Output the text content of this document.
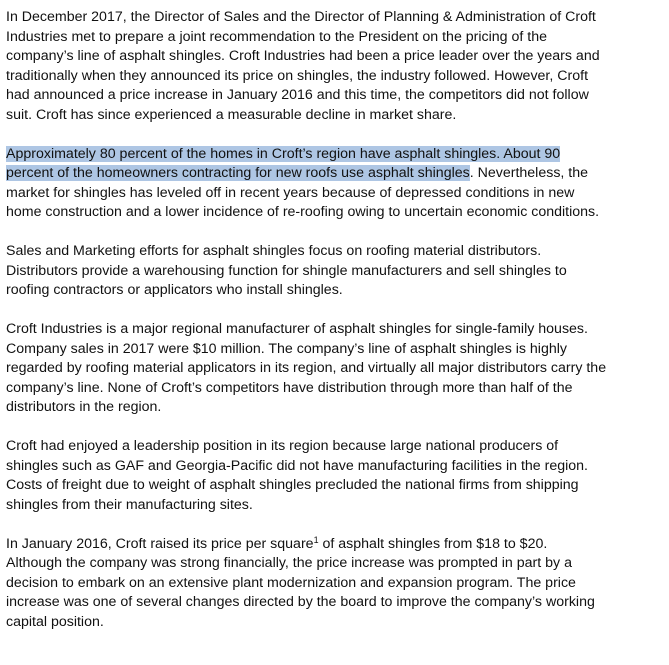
In December 2017, the Director of Sales and the Director of Planning & Administration of Croft
Industries met to prepare a joint recommendation to the President on the pricing of the
company’s line of asphalt shingles. Croft Industries had been a price leader over the years and
traditionally when they announced its price on shingles, the industry followed. However, Croft
had announced a price increase in January 2016 and this time, the competitors did not follow
suit. Croft has since experienced a measurable decline in market share.

Approximately 80 percent of the homes in Croft’s region have asphalt shingles. About 90
percent of the homeowners contracting for new roofs use asphalt shingles. Nevertheless, the
market for shingles has leveled off in recent years because of depressed conditions in new
home construction and a lower incidence of re-roofing owing to uncertain economic conditions.

Sales and Marketing efforts for asphalt shingles focus on roofing material distributors.
Distributors provide a warehousing function for shingle manufacturers and sell shingles to
roofing contractors or applicators who install shingles.

Croft Industries is a major regional manufacturer of asphalt shingles for single-family houses.
Company sales in 2017 were $10 million. The company’s line of asphalt shingles is highly
regarded by roofing material applicators in its region, and virtually all major distributors carry the
company’s line. None of Croft’s competitors have distribution through more than half of the
distributors in the region.

Croft had enjoyed a leadership position in its region because large national producers of
shingles such as GAF and Georgia-Pacific did not have manufacturing facilities in the region.
Costs of freight due to weight of asphalt shingles precluded the national firms from shipping
shingles from their manufacturing sites.

In January 2016, Croft raised its price per square$^1$ of asphalt shingles from $18 to $20.
Although the company was strong financially, the price increase was prompted in part by a
decision to embark on an extensive plant modernization and expansion program. The price
increase was one of several changes directed by the board to improve the company’s working
capital position.
